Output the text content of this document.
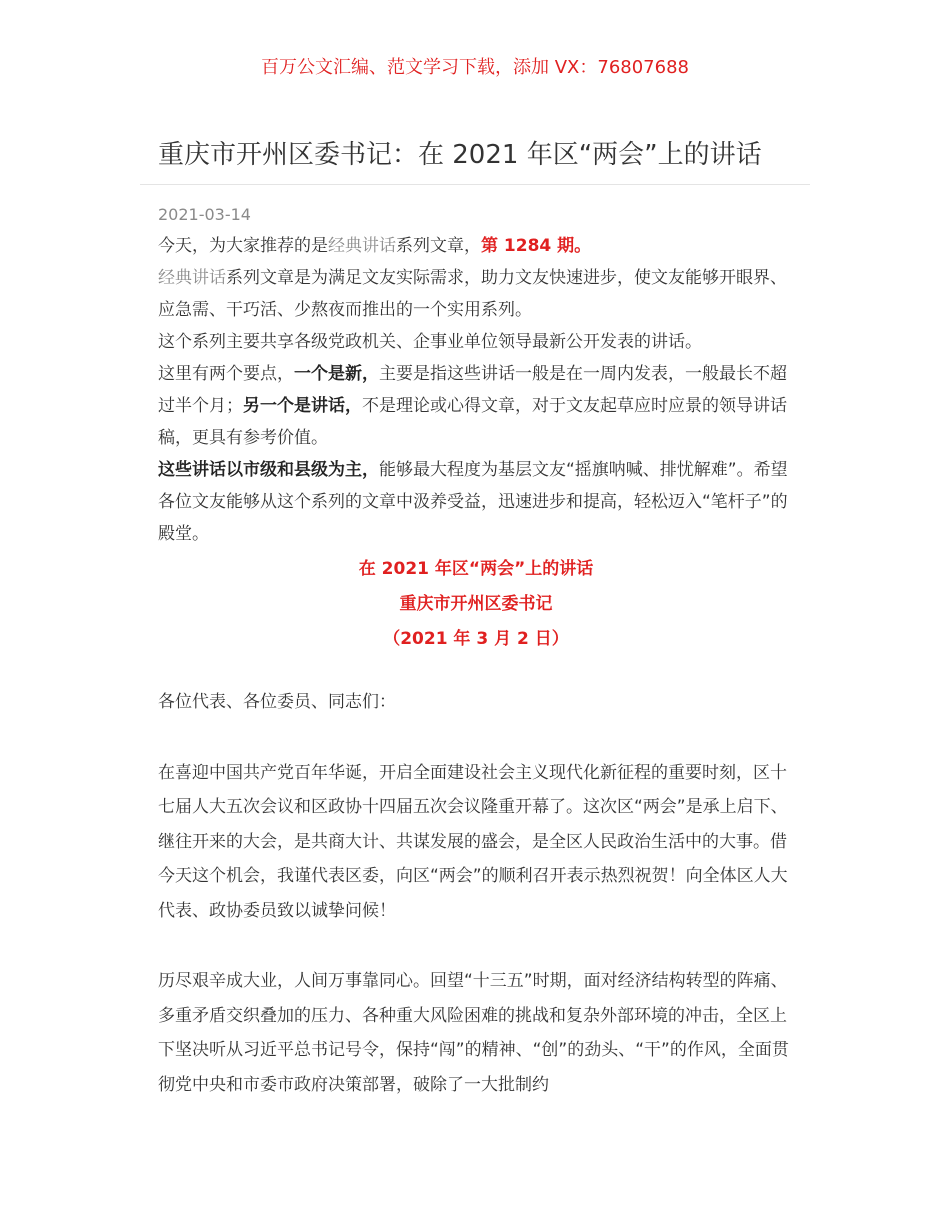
百万公文汇编、范文学习下载，添加 VX：76807688
重庆市开州区委书记：在 2021 年区“两会”上的讲话
2021-03-14

今天，为大家推荐的是经典讲话系列文章，第 1284 期。

经典讲话系列文章是为满足文友实际需求，助力文友快速进步，使文友能够开眼界、应急需、干巧活、少熬夜而推出的一个实用系列。

这个系列主要共享各级党政机关、企事业单位领导最新公开发表的讲话。

这里有两个要点，一个是新，主要是指这些讲话一般是在一周内发表，一般最长不超过半个月；另一个是讲话，不是理论或心得文章，对于文友起草应时应景的领导讲话稿，更具有参考价值。

这些讲话以市级和县级为主，能够最大程度为基层文友“摇旗呐喊、排忧解难”。希望各位文友能够从这个系列的文章中汲养受益，迅速进步和提高，轻松迈入“笔杆子”的殿堂。

在 2021 年区“两会”上的讲话

重庆市开州区委书记

（2021 年 3 月 2 日）

各位代表、各位委员、同志们：

在喜迎中国共产党百年华诞，开启全面建设社会主义现代化新征程的重要时刻，区十七届人大五次会议和区政协十四届五次会议隆重开幕了。这次区“两会”是承上启下、继往开来的大会，是共商大计、共谋发展的盛会，是全区人民政治生活中的大事。借今天这个机会，我谨代表区委，向区“两会”的顺利召开表示热烈祝贺！向全体区人大代表、政协委员致以诚挚问候！

历尽艰辛成大业，人间万事靠同心。回望“十三五”时期，面对经济结构转型的阵痛、多重矛盾交织叠加的压力、各种重大风险困难的挑战和复杂外部环境的冲击，全区上下坚决听从习近平总书记号令，保持“闯”的精神、“创”的劲头、“干”的作风，全面贯彻党中央和市委市政府决策部署，破除了一大批制约
